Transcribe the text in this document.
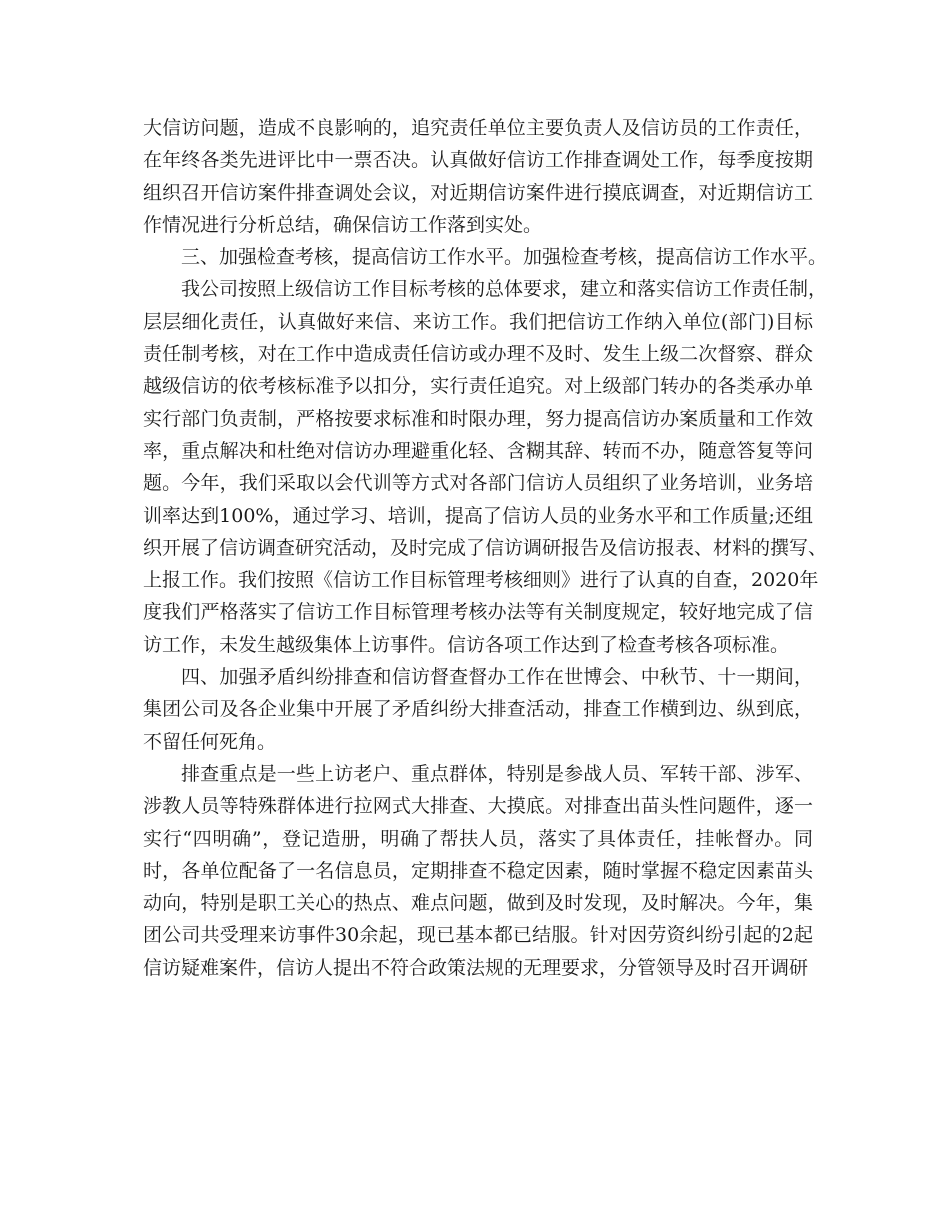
大信访问题，造成不良影响的，追究责任单位主要负责人及信访员的工作责任，
在年终各类先进评比中一票否决。认真做好信访工作排查调处工作，每季度按期
组织召开信访案件排查调处会议，对近期信访案件进行摸底调查，对近期信访工
作情况进行分析总结，确保信访工作落到实处。
三、加强检查考核，提高信访工作水平。加强检查考核，提高信访工作水平。
我公司按照上级信访工作目标考核的总体要求，建立和落实信访工作责任制，
层层细化责任，认真做好来信、来访工作。我们把信访工作纳入单位(部门)目标
责任制考核，对在工作中造成责任信访或办理不及时、发生上级二次督察、群众
越级信访的依考核标准予以扣分，实行责任追究。对上级部门转办的各类承办单
实行部门负责制，严格按要求标准和时限办理，努力提高信访办案质量和工作效
率，重点解决和杜绝对信访办理避重化轻、含糊其辞、转而不办，随意答复等问
题。今年，我们采取以会代训等方式对各部门信访人员组织了业务培训，业务培
训率达到100%，通过学习、培训，提高了信访人员的业务水平和工作质量;还组
织开展了信访调查研究活动，及时完成了信访调研报告及信访报表、材料的撰写、
上报工作。我们按照《信访工作目标管理考核细则》进行了认真的自查，2020年
度我们严格落实了信访工作目标管理考核办法等有关制度规定，较好地完成了信
访工作，未发生越级集体上访事件。信访各项工作达到了检查考核各项标准。
四、加强矛盾纠纷排查和信访督查督办工作在世博会、中秋节、十一期间，
集团公司及各企业集中开展了矛盾纠纷大排查活动，排查工作横到边、纵到底，
不留任何死角。
排查重点是一些上访老户、重点群体，特别是参战人员、军转干部、涉军、
涉教人员等特殊群体进行拉网式大排查、大摸底。对排查出苗头性问题件，逐一
实行“四明确”，登记造册，明确了帮扶人员，落实了具体责任，挂帐督办。同
时，各单位配备了一名信息员，定期排查不稳定因素，随时掌握不稳定因素苗头
动向，特别是职工关心的热点、难点问题，做到及时发现，及时解决。今年，集
团公司共受理来访事件30余起，现已基本都已结服。针对因劳资纠纷引起的2起
信访疑难案件，信访人提出不符合政策法规的无理要求，分管领导及时召开调研
